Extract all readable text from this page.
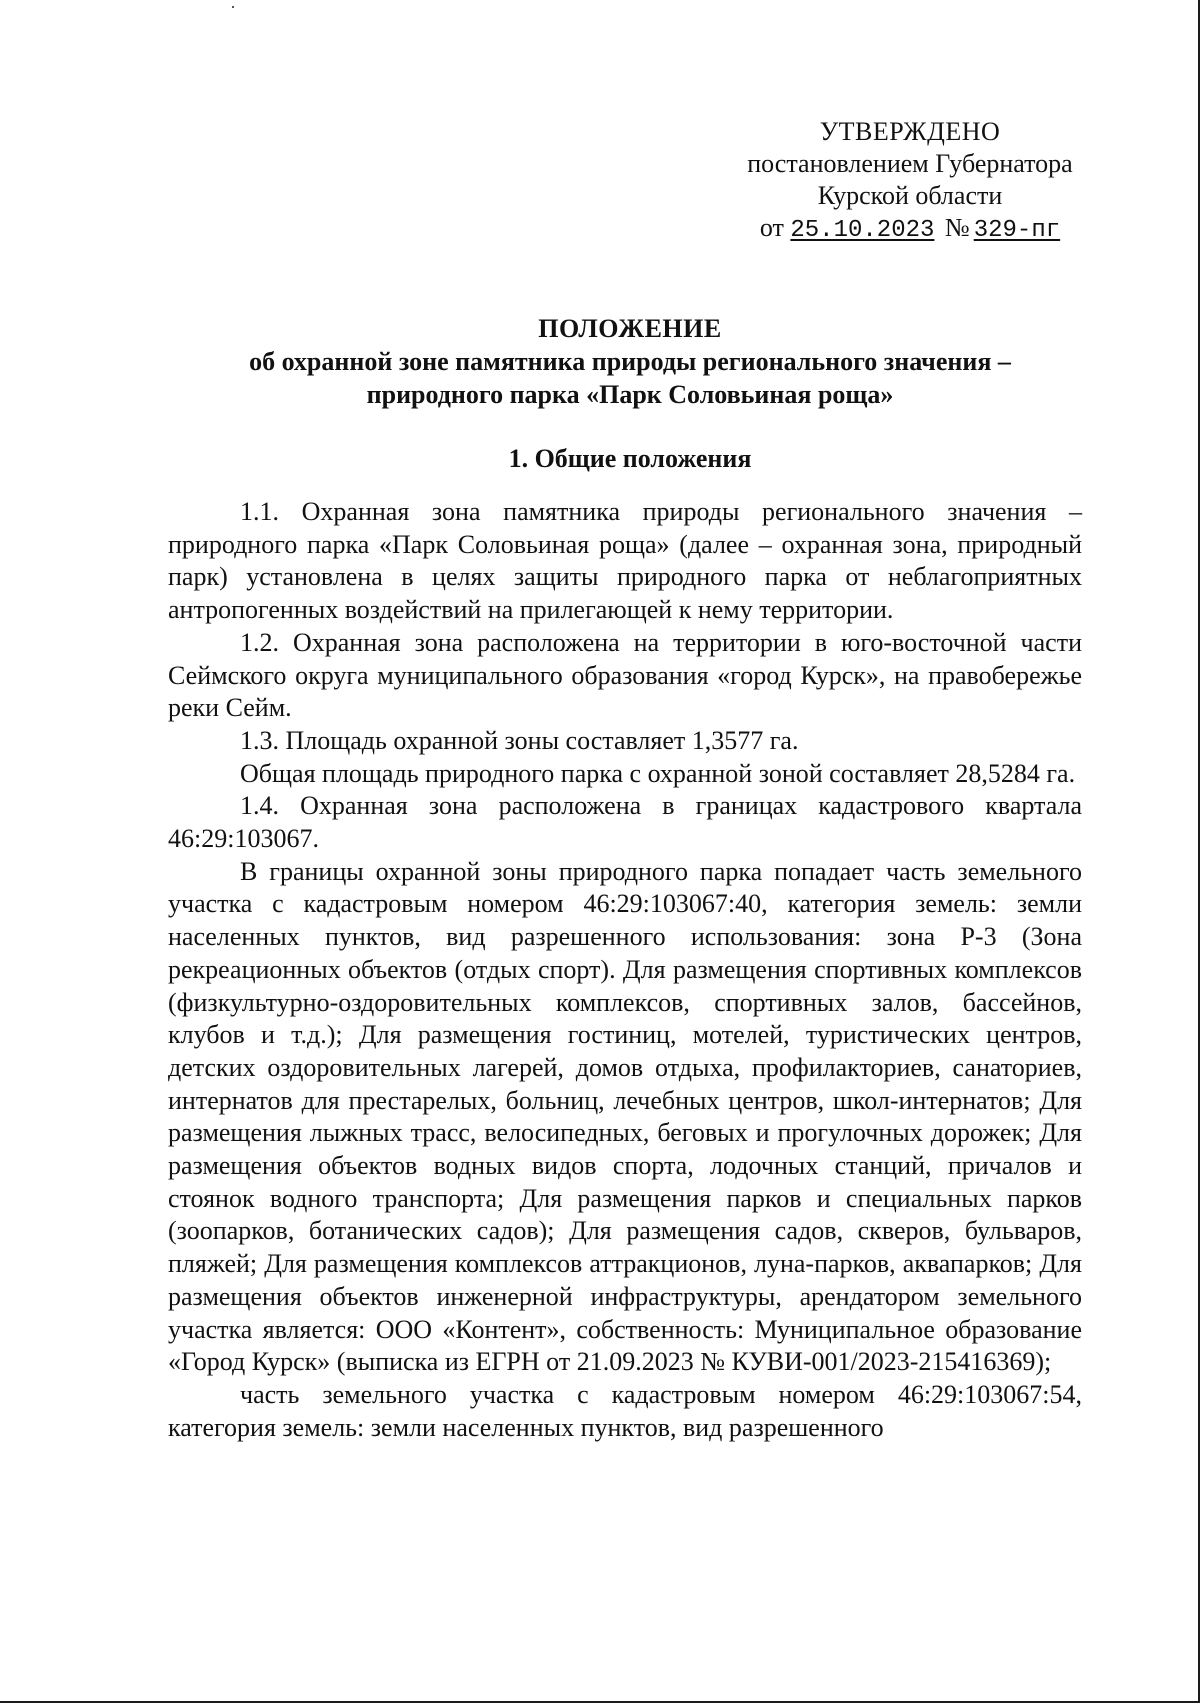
УТВЕРЖДЕНО
постановлением Губернатора
Курской области
от 25.10.2023 № 329-пг
ПОЛОЖЕНИЕ
об охранной зоне памятника природы регионального значения –
природного парка «Парк Соловьиная роща»
1. Общие положения

1.1. Охранная зона памятника природы регионального значения – природного парка «Парк Соловьиная роща» (далее – охранная зона, природный парк) установлена в целях защиты природного парка от неблагоприятных антропогенных воздействий на прилегающей к нему территории.

1.2. Охранная зона расположена на территории в юго-восточной части Сеймского округа муниципального образования «город Курск», на правобережье реки Сейм.

1.3. Площадь охранной зоны составляет 1,3577 га.

Общая площадь природного парка с охранной зоной составляет 28,5284 га.

1.4. Охранная зона расположена в границах кадастрового квартала 46:29:103067.

В границы охранной зоны природного парка попадает часть земельного участка с кадастровым номером 46:29:103067:40, категория земель: земли населенных пунктов, вид разрешенного использования: зона Р-3 (Зона рекреационных объектов (отдых спорт). Для размещения спортивных комплексов (физкультурно-оздоровительных комплексов, спортивных залов, бассейнов, клубов и т.д.); Для размещения гостиниц, мотелей, туристических центров, детских оздоровительных лагерей, домов отдыха, профилакториев, санаториев, интернатов для престарелых, больниц, лечебных центров, школ-интернатов; Для размещения лыжных трасс, велосипедных, беговых и прогулочных дорожек; Для размещения объектов водных видов спорта, лодочных станций, причалов и стоянок водного транспорта; Для размещения парков и специальных парков (зоопарков, ботанических садов); Для размещения садов, скверов, бульваров, пляжей; Для размещения комплексов аттракционов, луна-парков, аквапарков; Для размещения объектов инженерной инфраструктуры, арендатором земельного участка является: ООО «Контент», собственность: Муниципальное образование «Город Курск» (выписка из ЕГРН от 21.09.2023 № КУВИ-001/2023-215416369);

часть земельного участка с кадастровым номером 46:29:103067:54, категория земель: земли населенных пунктов, вид разрешенного
